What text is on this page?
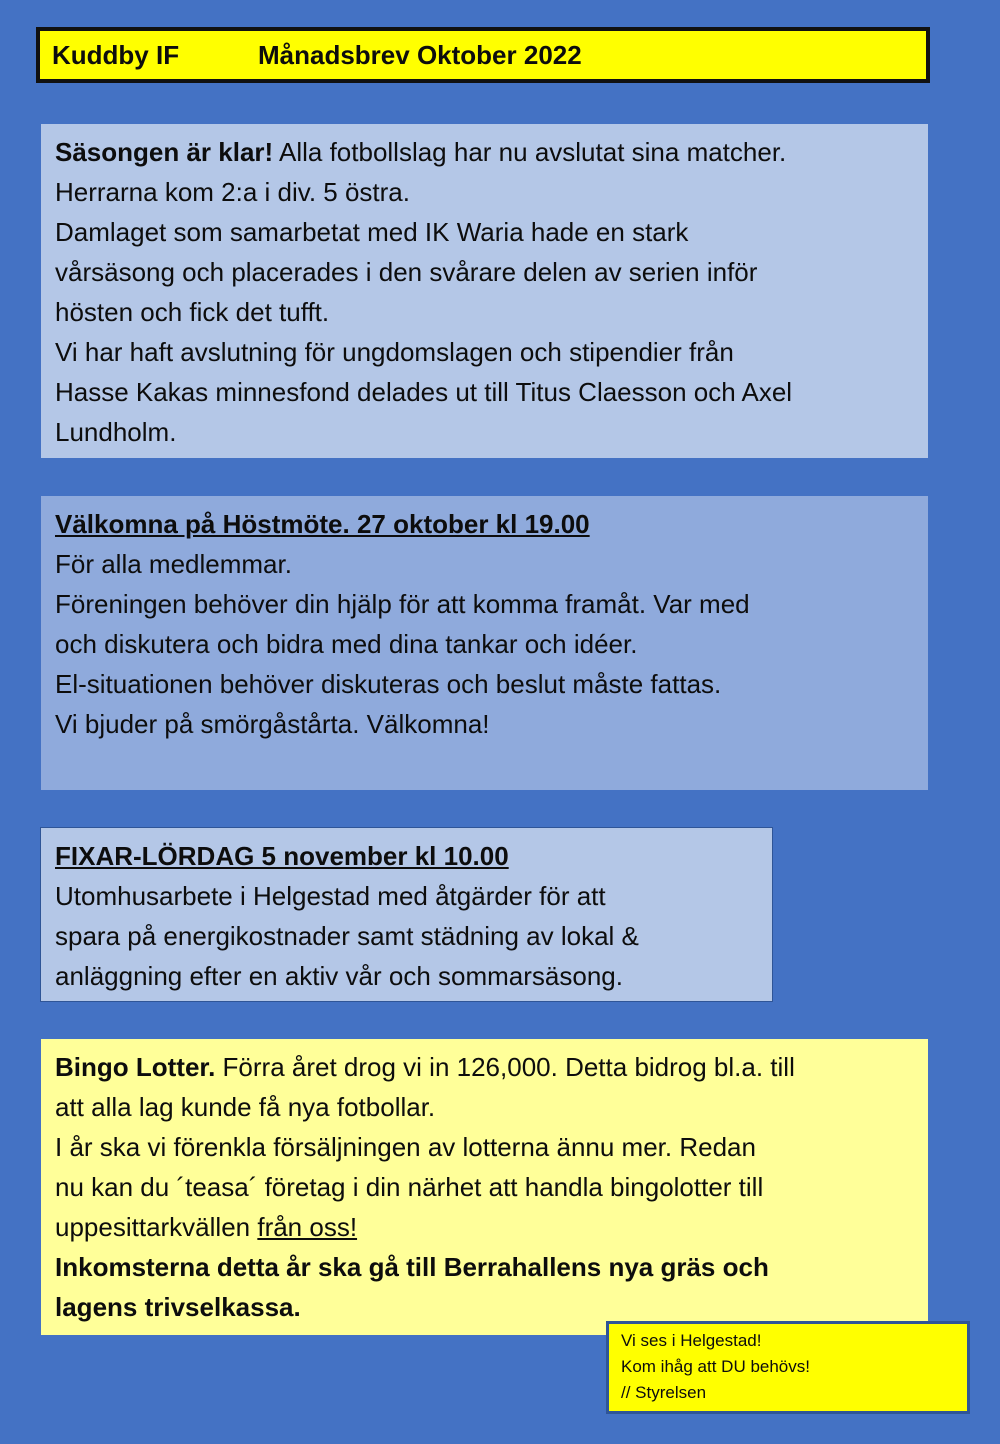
Kuddby IF	Månadsbrev Oktober 2022
Säsongen är klar! Alla fotbollslag har nu avslutat sina matcher.
Herrarna kom 2:a i div. 5 östra.
Damlaget som samarbetat med IK Waria hade en stark
vårsäsong och placerades i den svårare delen av serien inför
hösten och fick det tufft.
Vi har haft avslutning för ungdomslagen och stipendier från
Hasse Kakas minnesfond delades ut till Titus Claesson och Axel
Lundholm.
Välkomna på Höstmöte. 27 oktober kl 19.00
För alla medlemmar.
Föreningen behöver din hjälp för att komma framåt. Var med
och diskutera och bidra med dina tankar och idéer.
El-situationen behöver diskuteras och beslut måste fattas.
Vi bjuder på smörgåstårta. Välkomna!
FIXAR-LÖRDAG 5 november kl 10.00
Utomhusarbete i Helgestad med åtgärder för att
spara på energikostnader samt städning av lokal &
anläggning efter en aktiv vår och sommarsäsong.
Bingo Lotter. Förra året drog vi in 126,000. Detta bidrog bl.a. till
att alla lag kunde få nya fotbollar.
I år ska vi förenkla försäljningen av lotterna ännu mer. Redan
nu kan du ´teasa´ företag i din närhet att handla bingolotter till
uppesittarkvällen från oss!
Inkomsterna detta år ska gå till Berrahallens nya gräs och
lagens trivselkassa.
Vi ses i Helgestad!
Kom ihåg att DU behövs!
// Styrelsen
